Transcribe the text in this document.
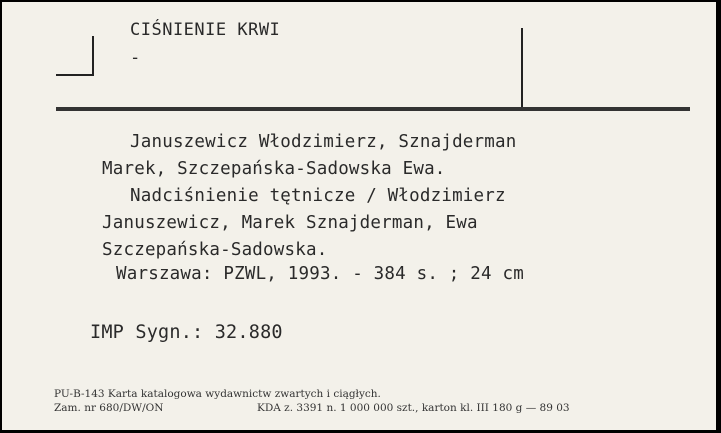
CIŚNIENIE KRWI
-
Januszewicz Włodzimierz, Sznajderman
Marek, Szczepańska-Sadowska Ewa.
Nadciśnienie tętnicze / Włodzimierz
Januszewicz, Marek Sznajderman, Ewa
Szczepańska-Sadowska.
Warszawa: PZWL, 1993. - 384 s. ; 24 cm
IMP Sygn.: 32.880
PU-B-143 Karta katalogowa wydawnictw zwartych i ciągłych.
Zam. nr 680/DW/ON	KDA z. 3391 n. 1 000 000 szt., karton kl. III 180 g — 89 03
